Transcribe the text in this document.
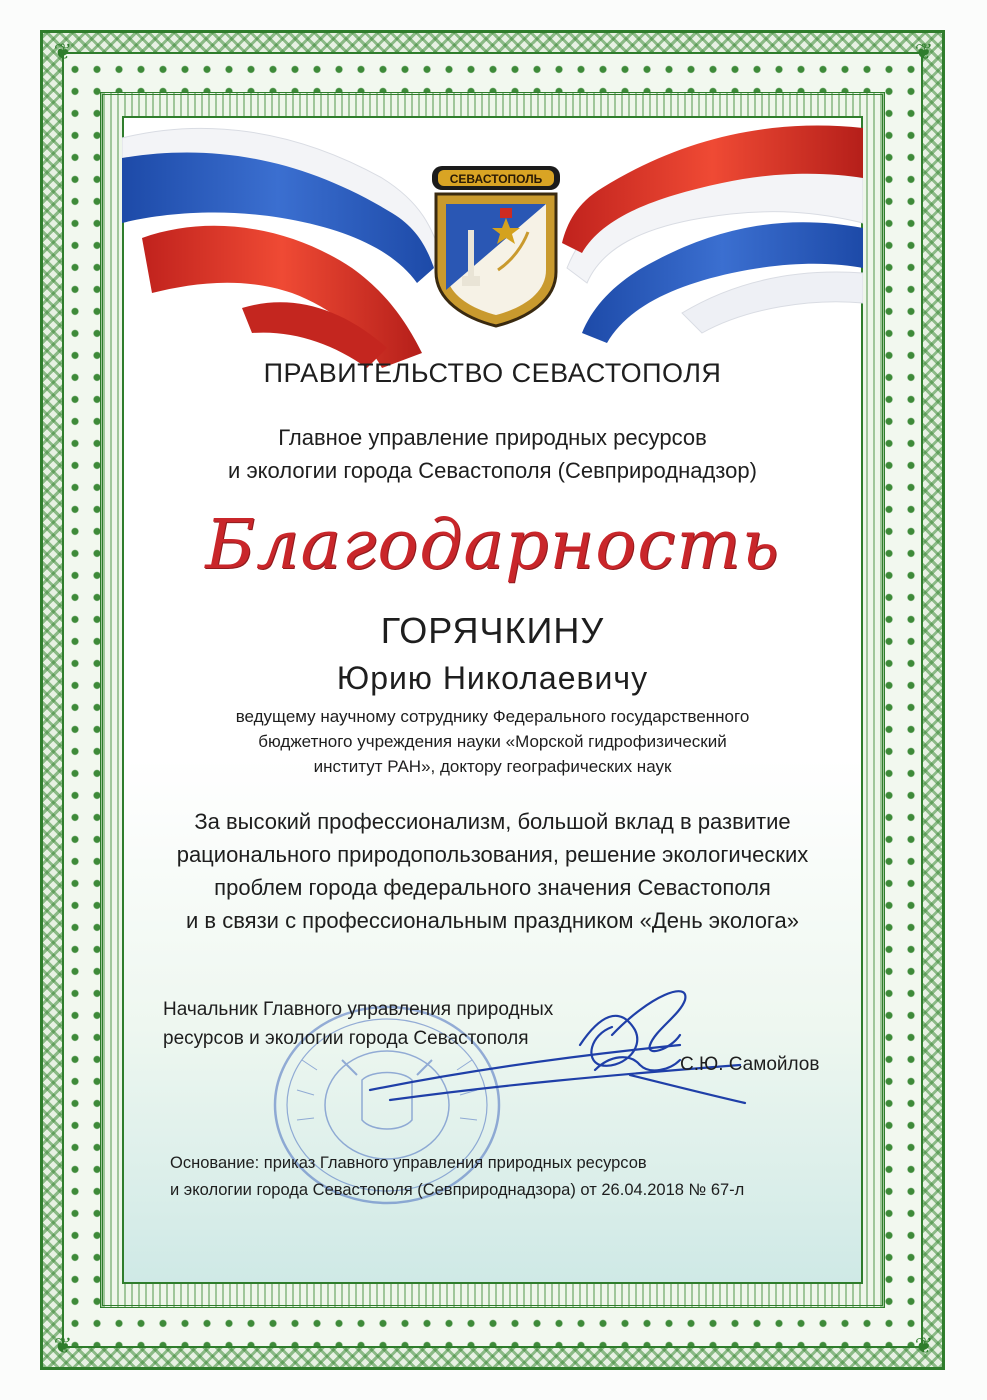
❦	❦
❦	❦
СЕВАСТОПОЛЬ
ПРАВИТЕЛЬСТВО СЕВАСТОПОЛЯ
Главное управление природных ресурсов
и экологии города Севастополя (Севприроднадзор)
Благодарность
ГОРЯЧКИНУ
Юрию Николаевичу
ведущему научному сотруднику Федерального государственного
бюджетного учреждения науки «Морской гидрофизический
институт РАН», доктору географических наук
За высокий профессионализм, большой вклад в развитие
рационального природопользования, решение экологических
проблем города федерального значения Севастополя
и в связи с профессиональным праздником «День эколога»
Начальник Главного управления природных
ресурсов и экологии города Севастополя
С.Ю. Самойлов
Основание: приказ Главного управления природных ресурсов
и экологии города Севастополя (Севприроднадзора) от 26.04.2018 № 67-л
